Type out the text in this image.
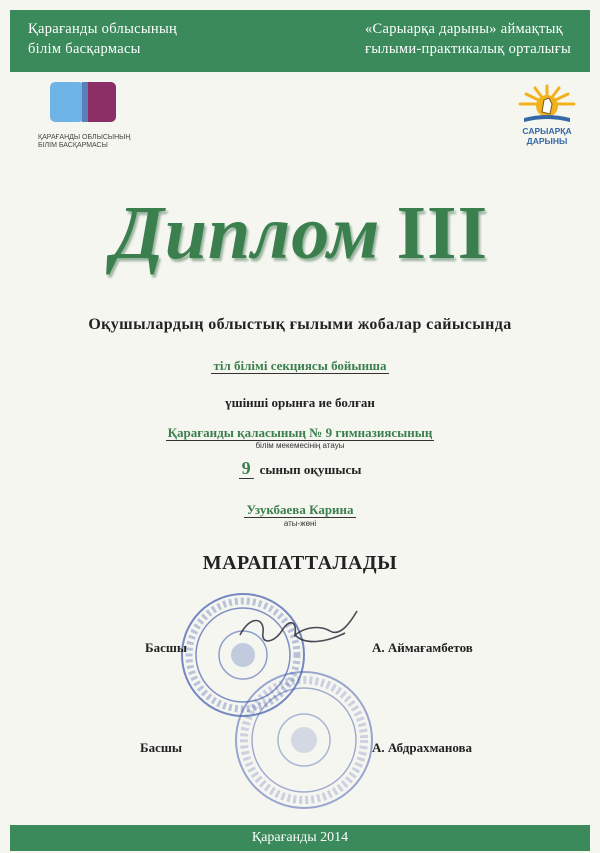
Қарағанды облысының
білім басқармасы
«Сарыарқа дарыны» аймақтық
ғылыми-практикалық орталығы
ҚАРАҒАНДЫ ОБЛЫСЫНЫҢ
БІЛІМ БАСҚАРМАСЫ
САРЫАРҚА ДАРЫНЫ
Диплом III
Оқушылардың облыстық ғылыми жобалар сайысында
тіл білімі секциясы бойынша
үшінші орынға ие болған
Қарағанды қаласының № 9 гимназиясының
білім мекемесінің атауы
9 сынып оқушысы
Узукбаева Карина
аты-жөні
МАРАПАТТАЛАДЫ
Басшы	А. Аймағамбетов
Басшы	А. Абдрахманова
Қарағанды 2014
